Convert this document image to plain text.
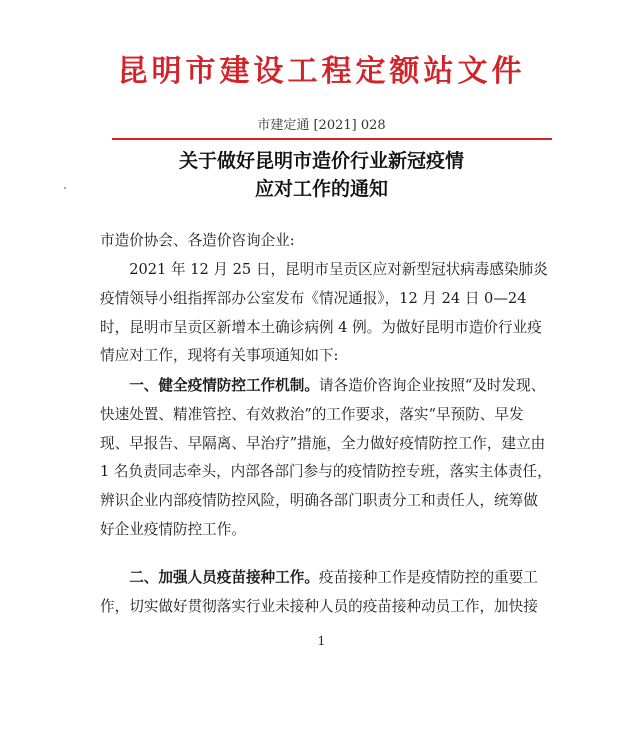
昆明市建设工程定额站文件
市建定通 [2021] 028
关于做好昆明市造价行业新冠疫情
应对工作的通知
市造价协会、各造价咨询企业:
2021 年 12 月 25 日，昆明市呈贡区应对新型冠状病毒感染肺炎疫情领导小组指挥部办公室发布《情况通报》，12 月 24 日 0—24 时，昆明市呈贡区新增本土确诊病例 4 例。为做好昆明市造价行业疫情应对工作，现将有关事项通知如下:
一、健全疫情防控工作机制。请各造价咨询企业按照“及时发现、快速处置、精准管控、有效救治”的工作要求，落实“早预防、早发现、早报告、早隔离、早治疗”措施，全力做好疫情防控工作，建立由 1 名负责同志牵头，内部各部门参与的疫情防控专班，落实主体责任，辨识企业内部疫情防控风险，明确各部门职责分工和责任人，统筹做好企业疫情防控工作。
二、加强人员疫苗接种工作。疫苗接种工作是疫情防控的重要工作，切实做好贯彻落实行业未接种人员的疫苗接种动员工作，加快接
1
